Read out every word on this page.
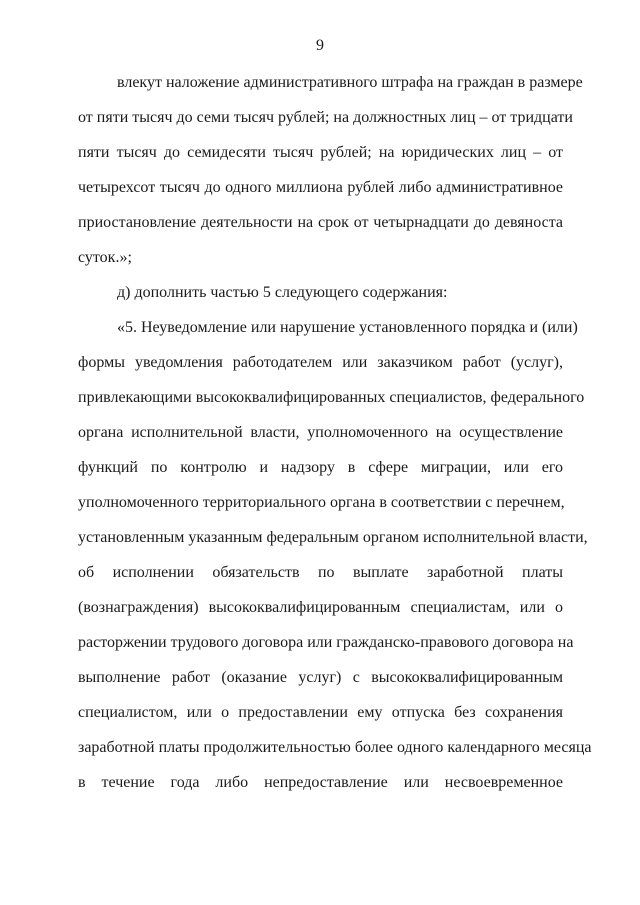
9
влекут наложение административного штрафа на граждан в размере
от пяти тысяч до семи тысяч рублей; на должностных лиц – от тридцати
пяти тысяч до семидесяти тысяч рублей; на юридических лиц – от
четырехсот тысяч до одного миллиона рублей либо административное
приостановление деятельности на срок от четырнадцати до девяноста
суток.»;
д) дополнить частью 5 следующего содержания:
«5. Неуведомление или нарушение установленного порядка и (или)
формы уведомления работодателем или заказчиком работ (услуг),
привлекающими высококвалифицированных специалистов, федерального
органа исполнительной власти, уполномоченного на осуществление
функций по контролю и надзору в сфере миграции, или его
уполномоченного территориального органа в соответствии с перечнем,
установленным указанным федеральным органом исполнительной власти,
об исполнении обязательств по выплате заработной платы
(вознаграждения) высококвалифицированным специалистам, или о
расторжении трудового договора или гражданско-правового договора на
выполнение работ (оказание услуг) с высококвалифицированным
специалистом, или о предоставлении ему отпуска без сохранения
заработной платы продолжительностью более одного календарного месяца
в течение года либо непредоставление или несвоевременное
